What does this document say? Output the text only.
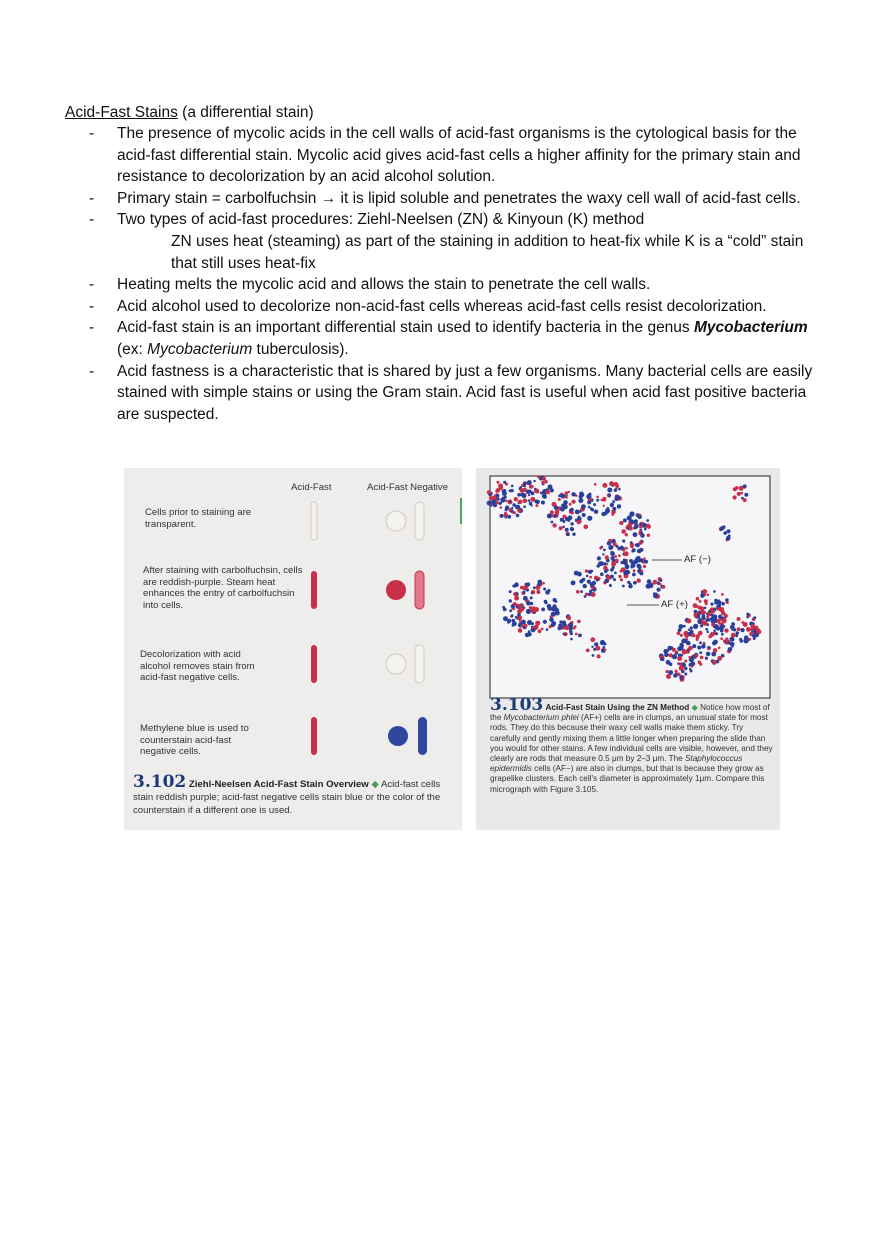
Acid-Fast Stains (a differential stain)
- The presence of mycolic acids in the cell walls of acid-fast organisms is the cytological basis for the acid-fast differential stain. Mycolic acid gives acid-fast cells a higher affinity for the primary stain and resistance to decolorization by an acid alcohol solution.
- Primary stain = carbolfuchsin → it is lipid soluble and penetrates the waxy cell wall of acid-fast cells.
- Two types of acid-fast procedures: Ziehl-Neelsen (ZN) & Kinyoun (K) method
ZN uses heat (steaming) as part of the staining in addition to heat-fix while K is a “cold” stain that still uses heat-fix
- Heating melts the mycolic acid and allows the stain to penetrate the cell walls.
- Acid alcohol used to decolorize non-acid-fast cells whereas acid-fast cells resist decolorization.
- Acid-fast stain is an important differential stain used to identify bacteria in the genus Mycobacterium (ex: Mycobacterium tuberculosis).
- Acid fastness is a characteristic that is shared by just a few organisms. Many bacterial cells are easily stained with simple stains or using the Gram stain. Acid fast is useful when acid fast positive bacteria are suspected.
Acid-Fast	Acid-Fast Negative
Cells prior to staining are transparent.
After staining with carbolfuchsin, cells are reddish-purple. Steam heat enhances the entry of carbolfuchsin into cells.
Decolorization with acid alcohol removes stain from acid-fast negative cells.
Methylene blue is used to counterstain acid-fast negative cells.
3.102 Ziehl-Neelsen Acid-Fast Stain Overview ◆ Acid-fast cells stain reddish purple; acid-fast negative cells stain blue or the color of the counterstain if a different one is used.
AF (−)
AF (+)
3.103 Acid-Fast Stain Using the ZN Method ◆ Notice how most of the Mycobacterium phlei (AF+) cells are in clumps, an unusual state for most rods. They do this because their waxy cell walls make them sticky. Try carefully and gently mixing them a little longer when preparing the slide than you would for other stains. A few individual cells are visible, however, and they clearly are rods that measure 0.5 μm by 2–3 μm. The Staphylococcus epidermidis cells (AF−) are also in clumps, but that is because they grow as grapelike clusters. Each cell's diameter is approximately 1μm. Compare this micrograph with Figure 3.105.
